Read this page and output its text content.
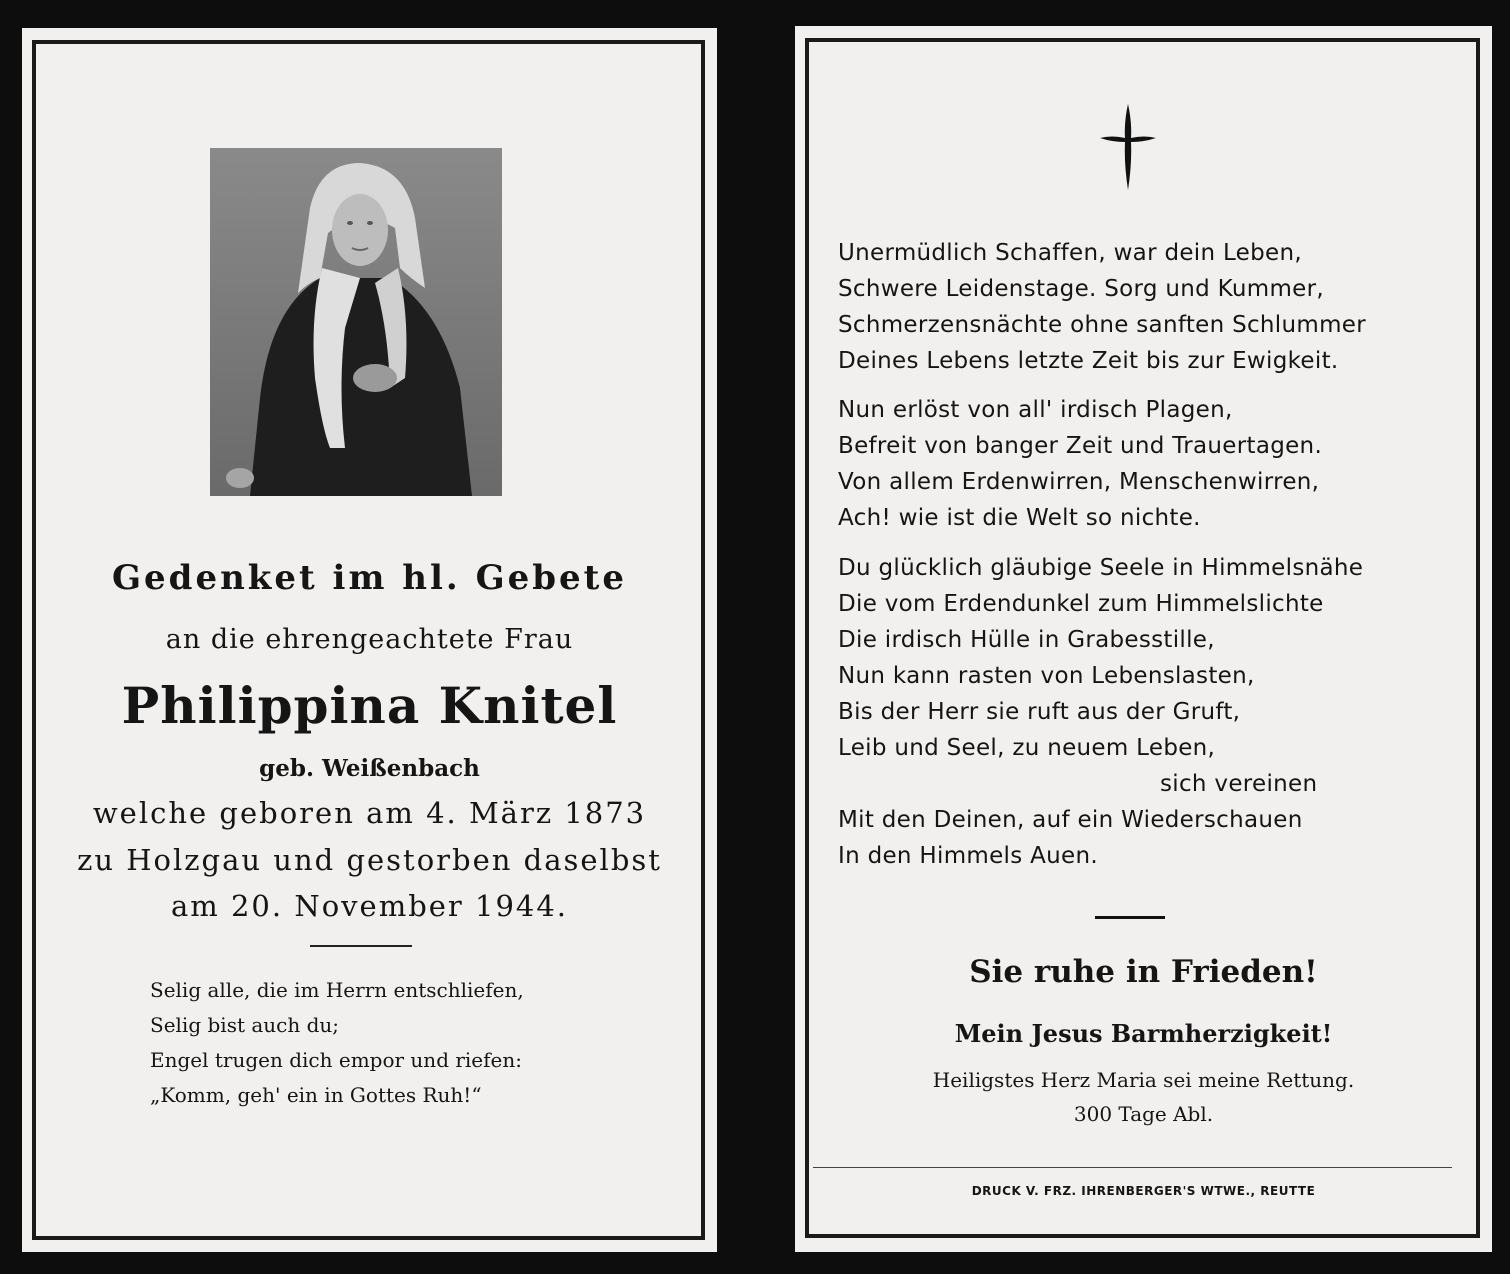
Gedenket im hl. Gebete
an die ehrengeachtete Frau
Philippina Knitel
geb. Weißenbach
welche geboren am 4. März 1873
zu Holzgau und gestorben daselbst
am 20. November 1944.
Selig alle, die im Herrn entschliefen,
Selig bist auch du;
Engel trugen dich empor und riefen:
„Komm, geh' ein in Gottes Ruh!“
Unermüdlich Schaffen, war dein Leben,
Schwere Leidenstage. Sorg und Kummer,
Schmerzensnächte ohne sanften Schlummer
Deines Lebens letzte Zeit bis zur Ewigkeit.
Nun erlöst von all' irdisch Plagen,
Befreit von banger Zeit und Trauertagen.
Von allem Erdenwirren, Menschenwirren,
Ach! wie ist die Welt so nichte.
Du glücklich gläubige Seele in Himmelsnähe
Die vom Erdendunkel zum Himmelslichte
Die irdisch Hülle in Grabesstille,
Nun kann rasten von Lebenslasten,
Bis der Herr sie ruft aus der Gruft,
Leib und Seel, zu neuem Leben,
sich vereinen
Mit den Deinen, auf ein Wiederschauen
In den Himmels Auen.
Sie ruhe in Frieden!
Mein Jesus Barmherzigkeit!
Heiligstes Herz Maria sei meine Rettung.
300 Tage Abl.
DRUCK V. FRZ. IHRENBERGER'S WTWE., REUTTE
